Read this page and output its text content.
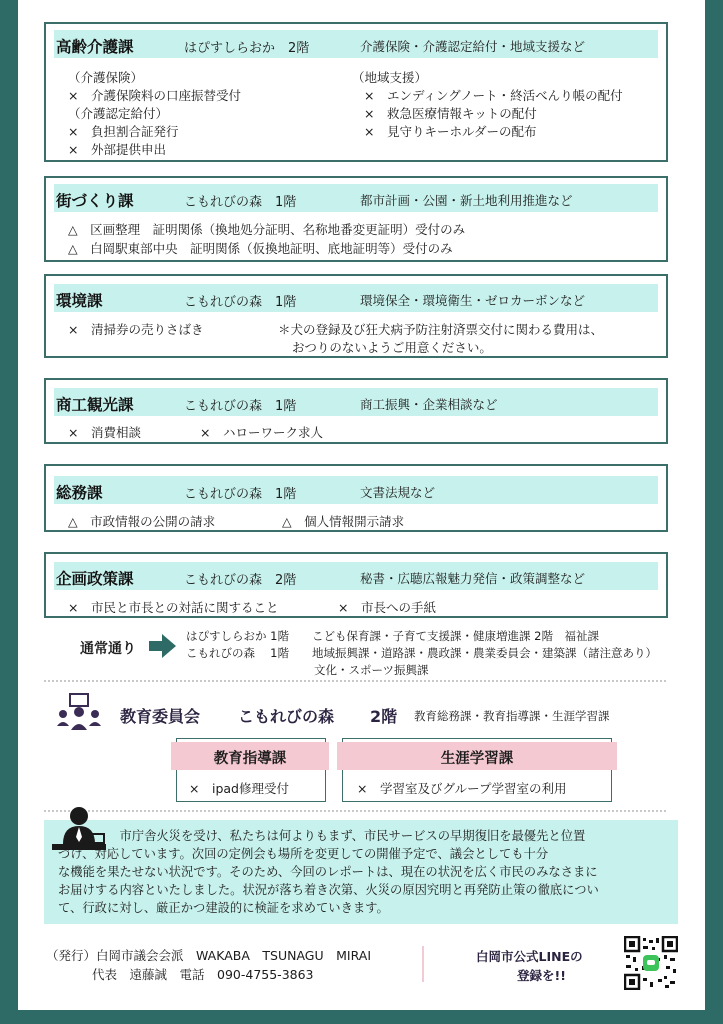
高齢介護課	はぴすしらおか　2階	介護保険・介護認定給付・地域支援など
（介護保険）
×　介護保険料の口座振替受付
（介護認定給付）
×　負担割合証発行
×　外部提供申出
（地域支援）
×　エンディングノート・終活べんり帳の配付
×　救急医療情報キットの配付
×　見守りキーホルダーの配布
街づくり課	こもれびの森　1階	都市計画・公園・新土地利用推進など
△　区画整理　証明関係（換地処分証明、名称地番変更証明）受付のみ
△　白岡駅東部中央　証明関係（仮換地証明、底地証明等）受付のみ
環境課	こもれびの森　1階	環境保全・環境衛生・ゼロカーボンなど
×　清掃券の売りさばき	＊犬の登録及び狂犬病予防注射済票交付に関わる費用は、
おつりのないようご用意ください。
商工観光課	こもれびの森　1階	商工振興・企業相談など
×　消費相談	×　ハローワーク求人
総務課	こもれびの森　1階	文書法規など
△　市政情報の公開の請求	△　個人情報開示請求
企画政策課	こもれびの森　2階	秘書・広聴広報魅力発信・政策調整など
×　市民と市長との対話に関すること	×　市長への手紙
通常通り
はぴすしらおか 1階　　こども保育課・子育て支援課・健康増進課 2階　福祉課
こもれびの森　 1階　　地域振興課・道路課・農政課・農業委員会・建築課（諸注意あり）
文化・スポーツ振興課
教育委員会 こもれびの森 2階 教育総務課・教育指導課・生涯学習課
教育指導課
×　ipad修理受付
生涯学習課
×　学習室及びグループ学習室の利用
　　　　　市庁舎火災を受け、私たちは何よりもまず、市民サービスの早期復旧を最優先と位置
づけ、対応しています。次回の定例会も場所を変更しての開催予定で、議会としても十分
な機能を果たせない状況です。そのため、今回のレポートは、現在の状況を広く市民のみなさまに
お届けする内容といたしました。状況が落ち着き次第、火災の原因究明と再発防止策の徹底につい
て、行政に対し、厳正かつ建設的に検証を求めていきます。
（発行）白岡市議会会派　WAKABA　TSUNAGU　MIRAI
代表　遠藤誠　電話　090-4755-3863
白岡市公式LINEの
登録を!!
